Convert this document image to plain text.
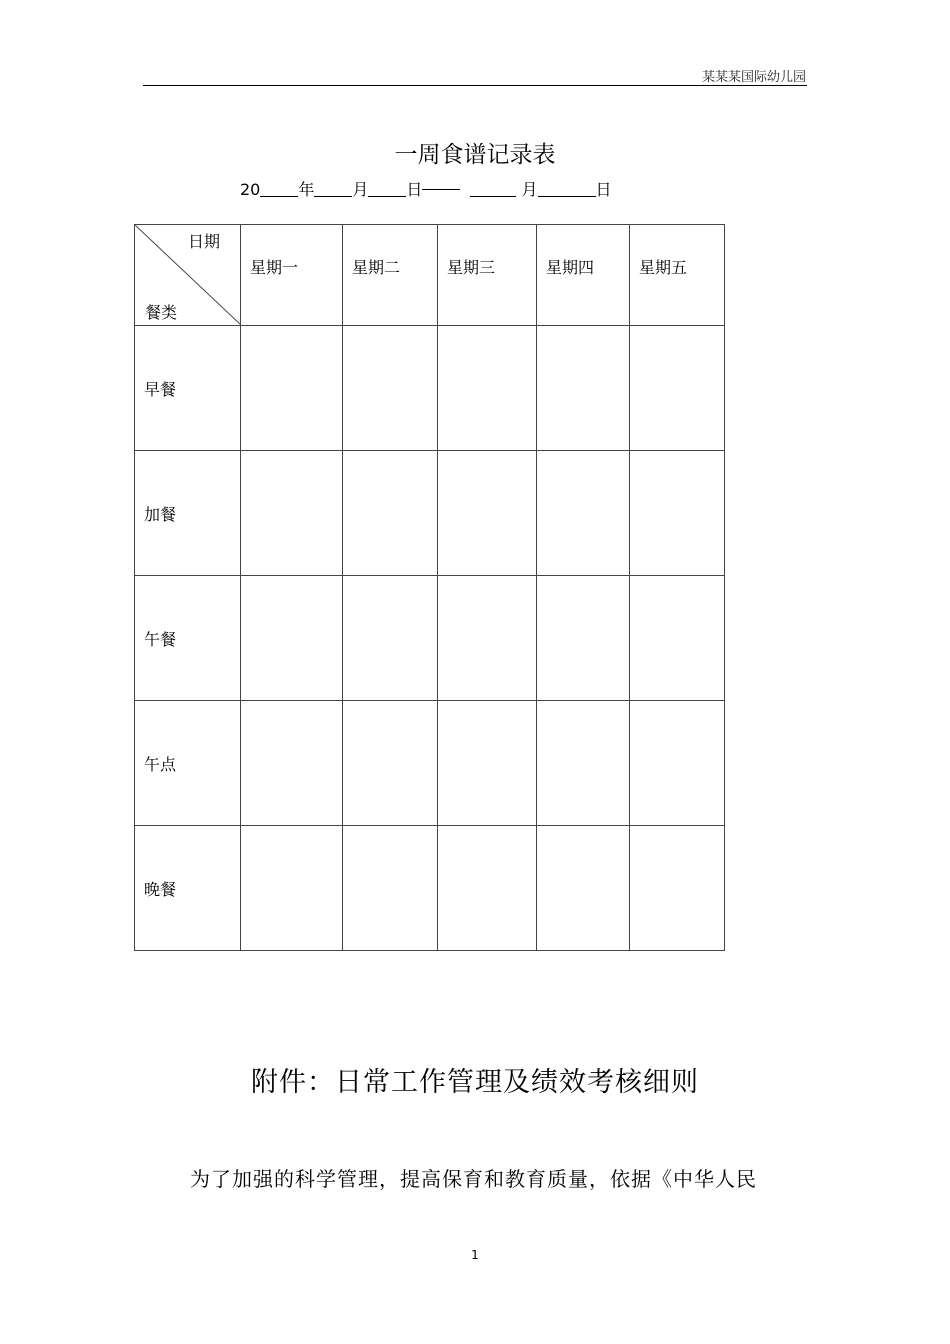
某某某国际幼儿园
一周食谱记录表
20 年 月 日	月	日
日期
餐类	星期一	星期二	星期三	星期四	星期五
早餐					
加餐					
午餐					
午点					
晚餐					
附件：日常工作管理及绩效考核细则
为了加强的科学管理，提高保育和教育质量，依据《中华人民
1
